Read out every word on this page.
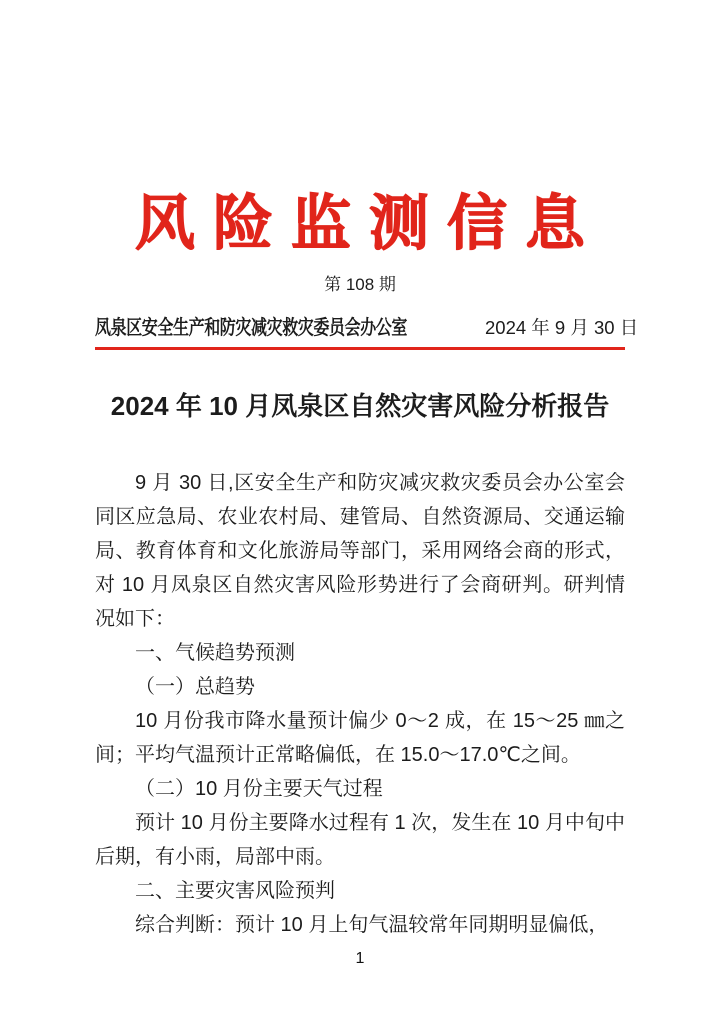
风险监测信息
第 108 期
凤泉区安全生产和防灾减灾救灾委员会办公室	2024 年 9 月 30 日
2024 年 10 月凤泉区自然灾害风险分析报告

9 月 30 日,区安全生产和防灾减灾救灾委员会办公室会同区应急局、农业农村局、建管局、自然资源局、交通运输局、教育体育和文化旅游局等部门，采用网络会商的形式，对 10 月凤泉区自然灾害风险形势进行了会商研判。研判情况如下：

一、气候趋势预测

（一）总趋势

10 月份我市降水量预计偏少 0～2 成，在 15～25 ㎜之间；平均气温预计正常略偏低，在 15.0～17.0℃之间。

（二）10 月份主要天气过程

预计 10 月份主要降水过程有 1 次，发生在 10 月中旬中后期，有小雨，局部中雨。

二、主要灾害风险预判

综合判断：预计 10 月上旬气温较常年同期明显偏低，

1
